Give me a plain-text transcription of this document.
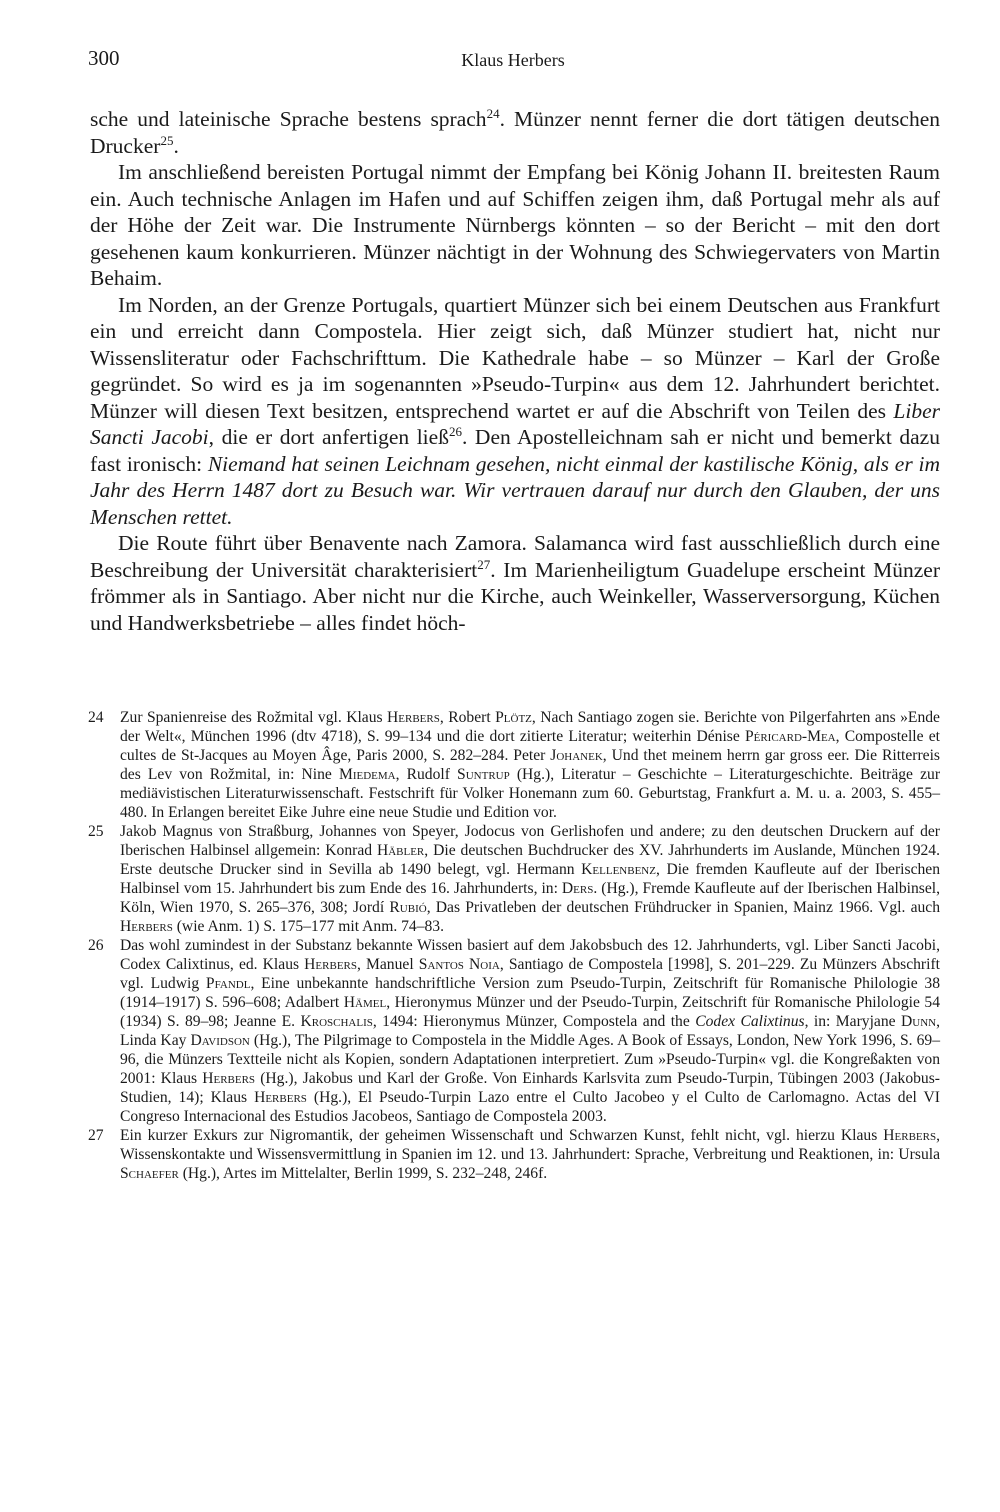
300	Klaus Herbers

sche und lateinische Sprache bestens sprach$^{24}$. Münzer nennt ferner die dort tätigen deutschen Drucker$^{25}$.

Im anschließend bereisten Portugal nimmt der Empfang bei König Johann II. breitesten Raum ein. Auch technische Anlagen im Hafen und auf Schiffen zeigen ihm, daß Portugal mehr als auf der Höhe der Zeit war. Die Instrumente Nürnbergs könnten – so der Bericht – mit den dort gesehenen kaum konkurrieren. Münzer nächtigt in der Wohnung des Schwiegervaters von Martin Behaim.

Im Norden, an der Grenze Portugals, quartiert Münzer sich bei einem Deutschen aus Frankfurt ein und erreicht dann Compostela. Hier zeigt sich, daß Münzer studiert hat, nicht nur Wissensliteratur oder Fachschrifttum. Die Kathedrale habe – so Münzer – Karl der Große gegründet. So wird es ja im sogenannten »Pseudo-Turpin« aus dem 12. Jahrhundert berichtet. Münzer will diesen Text besitzen, entsprechend wartet er auf die Abschrift von Teilen des Liber Sancti Jacobi, die er dort anfertigen ließ$^{26}$. Den Apostelleichnam sah er nicht und bemerkt dazu fast ironisch: Niemand hat seinen Leichnam gesehen, nicht einmal der kastilische König, als er im Jahr des Herrn 1487 dort zu Besuch war. Wir vertrauen darauf nur durch den Glauben, der uns Menschen rettet.

Die Route führt über Benavente nach Zamora. Salamanca wird fast ausschließlich durch eine Beschreibung der Universität charakterisiert$^{27}$. Im Marienheiligtum Guadelupe erscheint Münzer frömmer als in Santiago. Aber nicht nur die Kirche, auch Weinkeller, Wasserversorgung, Küchen und Handwerksbetriebe – alles findet höch-

24	Zur Spanienreise des Rožmital vgl. Klaus Herbers, Robert Plötz, Nach Santiago zogen sie. Berichte von Pilgerfahrten ans »Ende der Welt«, München 1996 (dtv 4718), S. 99–134 und die dort zitierte Literatur; weiterhin Dénise Péricard-Mea, Compostelle et cultes de St-Jacques au Moyen Âge, Paris 2000, S. 282–284. Peter Johanek, Und thet meinem herrn gar gross eer. Die Ritterreis des Lev von Rožmital, in: Nine Miedema, Rudolf Suntrup (Hg.), Literatur – Geschichte – Literaturgeschichte. Beiträge zur mediävistischen Literaturwissenschaft. Festschrift für Volker Honemann zum 60. Geburtstag, Frankfurt a. M. u. a. 2003, S. 455–480. In Erlangen bereitet Eike Juhre eine neue Studie und Edition vor.
25	Jakob Magnus von Straßburg, Johannes von Speyer, Jodocus von Gerlishofen und andere; zu den deutschen Druckern auf der Iberischen Halbinsel allgemein: Konrad Häbler, Die deutschen Buchdrucker des XV. Jahrhunderts im Auslande, München 1924. Erste deutsche Drucker sind in Sevilla ab 1490 belegt, vgl. Hermann Kellenbenz, Die fremden Kaufleute auf der Iberischen Halbinsel vom 15. Jahrhundert bis zum Ende des 16. Jahrhunderts, in: Ders. (Hg.), Fremde Kaufleute auf der Iberischen Halbinsel, Köln, Wien 1970, S. 265–376, 308; Jordí Rubió, Das Privatleben der deutschen Frühdrucker in Spanien, Mainz 1966. Vgl. auch Herbers (wie Anm. 1) S. 175–177 mit Anm. 74–83.
26	Das wohl zumindest in der Substanz bekannte Wissen basiert auf dem Jakobsbuch des 12. Jahrhunderts, vgl. Liber Sancti Jacobi, Codex Calixtinus, ed. Klaus Herbers, Manuel Santos Noia, Santiago de Compostela [1998], S. 201–229. Zu Münzers Abschrift vgl. Ludwig Pfandl, Eine unbekannte handschriftliche Version zum Pseudo-Turpin, Zeitschrift für Romanische Philologie 38 (1914–1917) S. 596–608; Adalbert Hämel, Hieronymus Münzer und der Pseudo-Turpin, Zeitschrift für Romanische Philologie 54 (1934) S. 89–98; Jeanne E. Kroschalis, 1494: Hieronymus Münzer, Compostela and the Codex Calixtinus, in: Maryjane Dunn, Linda Kay Davidson (Hg.), The Pilgrimage to Compostela in the Middle Ages. A Book of Essays, London, New York 1996, S. 69–96, die Münzers Textteile nicht als Kopien, sondern Adaptationen interpretiert. Zum »Pseudo-Turpin« vgl. die Kongreßakten von 2001: Klaus Herbers (Hg.), Jakobus und Karl der Große. Von Einhards Karlsvita zum Pseudo-Turpin, Tübingen 2003 (Jakobus-Studien, 14); Klaus Herbers (Hg.), El Pseudo-Turpin Lazo entre el Culto Jacobeo y el Culto de Carlomagno. Actas del VI Congreso Internacional des Estudios Jacobeos, Santiago de Compostela 2003.
27	Ein kurzer Exkurs zur Nigromantik, der geheimen Wissenschaft und Schwarzen Kunst, fehlt nicht, vgl. hierzu Klaus Herbers, Wissenskontakte und Wissensvermittlung in Spanien im 12. und 13. Jahrhundert: Sprache, Verbreitung und Reaktionen, in: Ursula Schaefer (Hg.), Artes im Mittelalter, Berlin 1999, S. 232–248, 246f.
